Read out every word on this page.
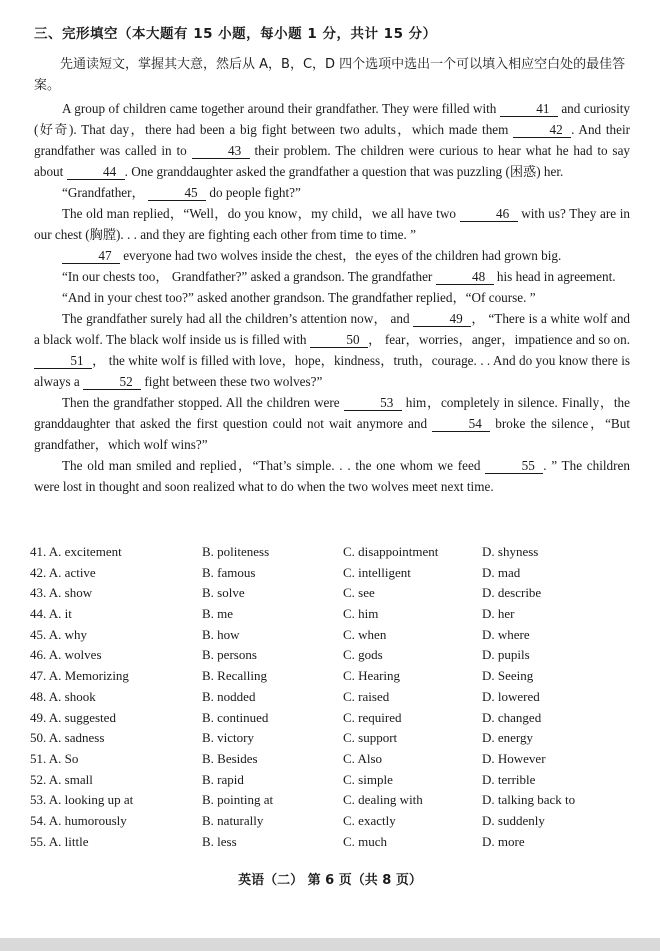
三、完形填空（本大题有 15 小题，每小题 1 分，共计 15 分）
先通读短文，掌握其大意，然后从 A，B，C，D 四个选项中选出一个可以填入相应空白处的最佳答案。

A group of children came together around their grandfather. They were filled with	41 and curiosity (好奇). That day，there had been a big fight between two adults，which made them	42 . And their grandfather was called in to	43 their problem. The children were curious to hear what he had to say about	44 . One granddaughter asked the grandfather a question that was puzzling (困惑) her.

“Grandfather，	45 do people fight?”

The old man replied，“Well，do you know，my child，we all have two	46 with us? They are in our chest (胸膛). . . and they are fighting each other from time to time. ”

47 everyone had two wolves inside the chest，the eyes of the children had grown big.

“In our chests too， Grandfather?” asked a grandson. The grandfather	48 his head in agreement.

“And in your chest too?” asked another grandson. The grandfather replied，“Of course. ”

The grandfather surely had all the children’s attention now， and	49 ， “There is a white wolf and a black wolf. The black wolf inside us is filled with	50 ， fear，worries，anger，impatience and so on. 51 ， the white wolf is filled with love，hope，kindness，truth，courage. . . And do you know there is always a	52 fight between these two wolves?”

Then the grandfather stopped. All the children were	53 him，completely in silence. Finally，the granddaughter that asked the first question could not wait anymore and	54 broke the silence，“But grandfather，which wolf wins?”

The old man smiled and replied，“That’s simple. . . the one whom we feed	55 . ” The children were lost in thought and soon realized what to do when the two wolves meet next time.

41. A. excitement	B. politeness	C. disappointment	D. shyness
42. A. active	B. famous	C. intelligent	D. mad
43. A. show	B. solve	C. see	D. describe
44. A. it	B. me	C. him	D. her
45. A. why	B. how	C. when	D. where
46. A. wolves	B. persons	C. gods	D. pupils
47. A. Memorizing	B. Recalling	C. Hearing	D. Seeing
48. A. shook	B. nodded	C. raised	D. lowered
49. A. suggested	B. continued	C. required	D. changed
50. A. sadness	B. victory	C. support	D. energy
51. A. So	B. Besides	C. Also	D. However
52. A. small	B. rapid	C. simple	D. terrible
53. A. looking up at	B. pointing at	C. dealing with	D. talking back to
54. A. humorously	B. naturally	C. exactly	D. suddenly
55. A. little	B. less	C. much	D. more
英语（二） 第 6 页（共 8 页）
